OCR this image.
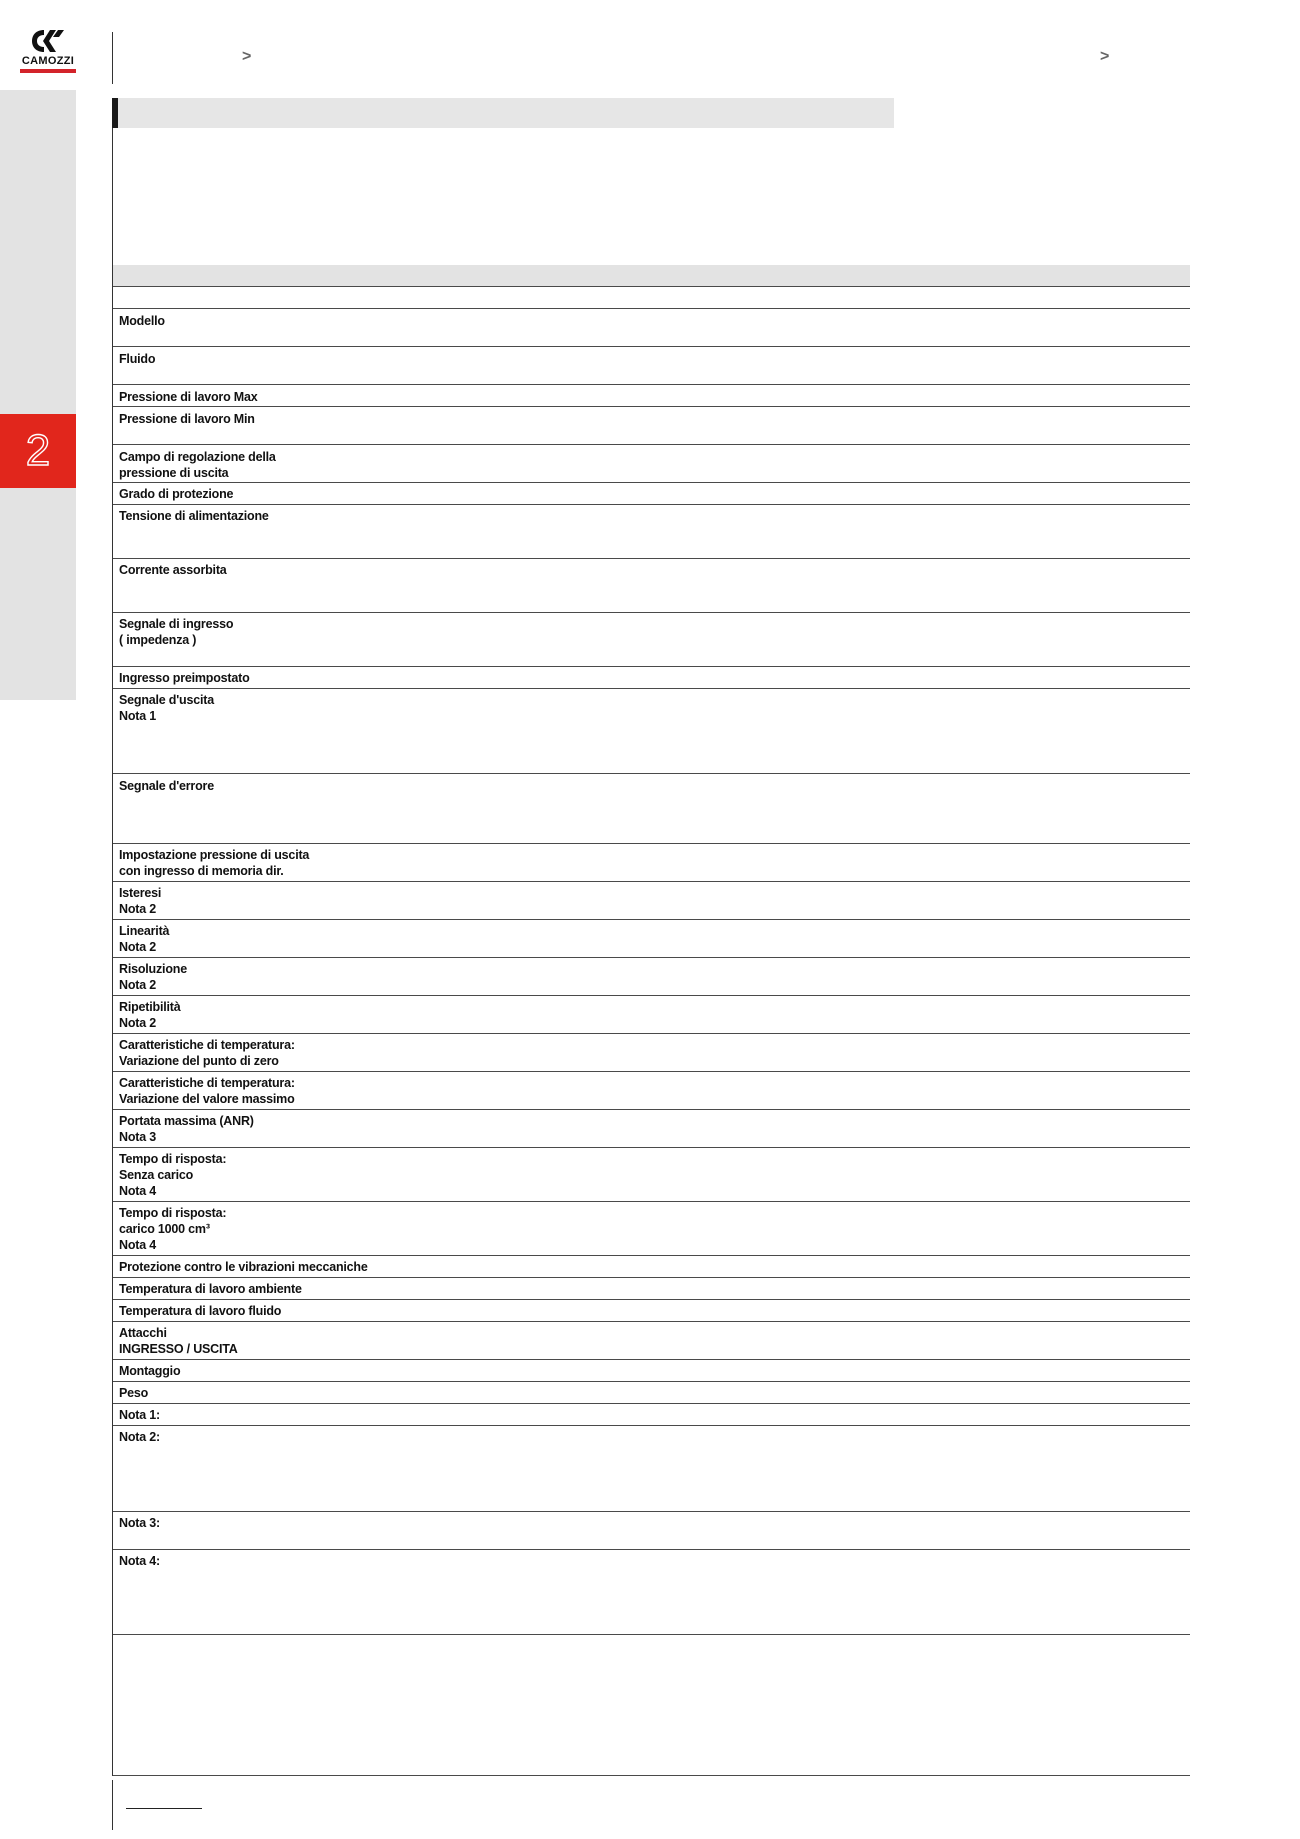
CAMOZZI
2
>	>
Modello
Fluido
Pressione di lavoro Max
Pressione di lavoro Min
Campo di regolazione della
pressione di uscita
Grado di protezione
Tensione di alimentazione
Corrente assorbita
Segnale di ingresso
( impedenza )
Ingresso preimpostato
Segnale d'uscita
Nota 1
Segnale d'errore
Impostazione pressione di uscita
con ingresso di memoria dir.
Isteresi
Nota 2
Linearità
Nota 2
Risoluzione
Nota 2
Ripetibilità
Nota 2
Caratteristiche di temperatura:
Variazione del punto di zero
Caratteristiche di temperatura:
Variazione del valore massimo
Portata massima (ANR)
Nota 3
Tempo di risposta:
Senza carico
Nota 4
Tempo di risposta:
carico 1000 cm³
Nota 4
Protezione contro le vibrazioni meccaniche
Temperatura di lavoro ambiente
Temperatura di lavoro fluido
Attacchi
INGRESSO / USCITA
Montaggio
Peso
Nota 1:
Nota 2:
Nota 3:
Nota 4:
